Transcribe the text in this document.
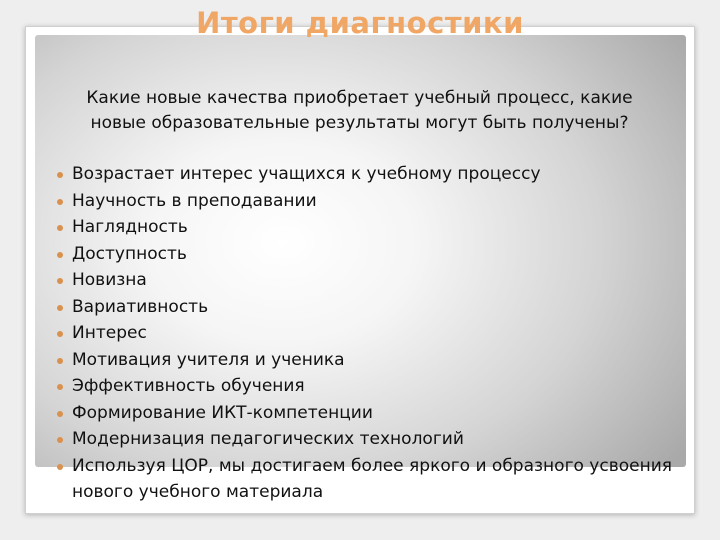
Итоги диагностики
Какие новые качества приобретает учебный процесс, какие новые образовательные результаты могут быть получены?
Возрастает интерес учащихся к учебному процессу
Научность в преподавании
Наглядность
Доступность
Новизна
Вариативность
Интерес
Мотивация учителя и ученика
Эффективность обучения
Формирование ИКТ-компетенции
Модернизация педагогических технологий
Используя ЦОР, мы достигаем более яркого и образного усвоения нового учебного материала
